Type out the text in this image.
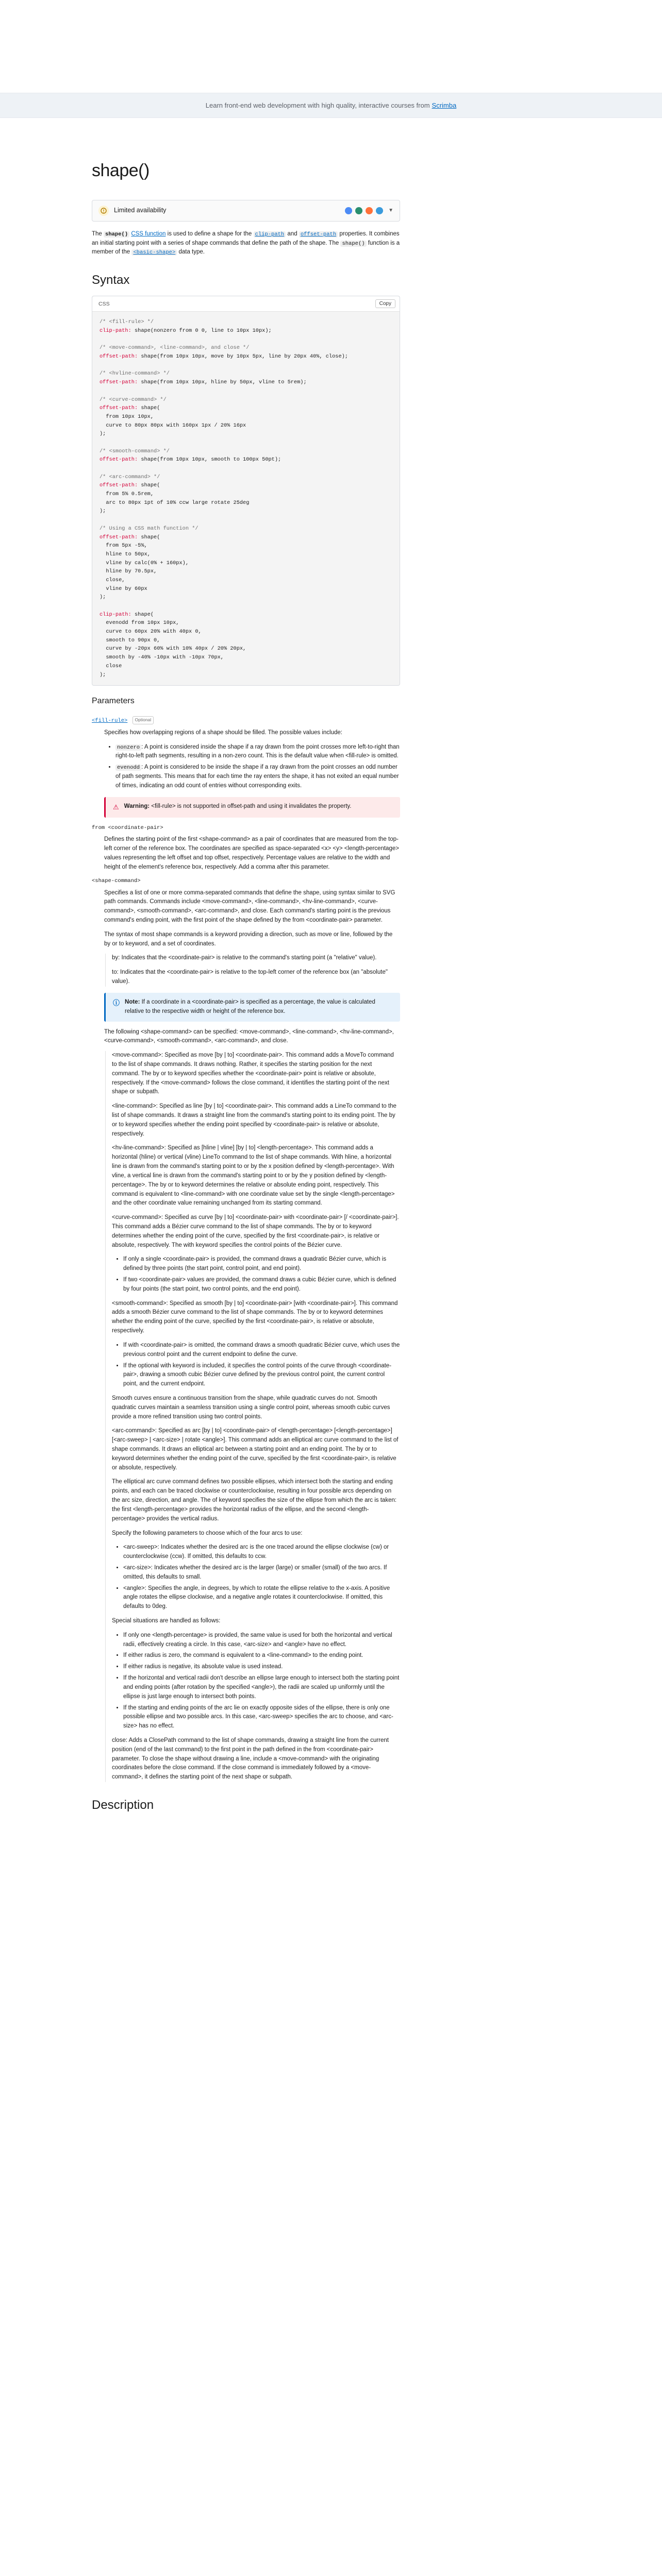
Learn front-end web development with high quality, interactive courses from Scrimba
shape()
Limited availability	▼

The shape() CSS function is used to define a shape for the clip-path and offset-path properties. It combines an initial starting point with a series of shape commands that define the path of the shape. The shape() function is a member of the <basic-shape> data type.

Syntax
CSS	Copy
/* <fill-rule> */
clip-path: shape(nonzero from 0 0, line to 10px 10px);
/* <move-command>, <line-command>, and close */
offset-path: shape(from 10px 10px, move by 10px 5px, line by 20px 40%, close);
/* <hvline-command> */
offset-path: shape(from 10px 10px, hline by 50px, vline to 5rem);
/* <curve-command> */
offset-path: shape(
from 10px 10px,
curve to 80px 80px with 160px 1px / 20% 16px
);
/* <smooth-command> */
offset-path: shape(from 10px 10px, smooth to 100px 50pt);
/* <arc-command> */
offset-path: shape(
from 5% 0.5rem,
arc to 80px 1pt of 10% ccw large rotate 25deg
);
/* Using a CSS math function */
offset-path: shape(
from 5px -5%,
hline to 50px,
vline by calc(0% + 160px),
hline by 70.5px,
close,
vline by 60px
);
clip-path: shape(
evenodd from 10px 10px,
curve to 60px 20% with 40px 0,
smooth to 90px 0,
curve by -20px 60% with 10% 40px / 20% 20px,
smooth by -40% -10px with -10px 70px,
close
);
Parameters
<fill-rule> Optional

Specifies how overlapping regions of a shape should be filled. The possible values include:

• nonzero : A point is considered inside the shape if a ray drawn from the point crosses more left-to-right than right-to-left path segments, resulting in a non-zero count. This is the default value when <fill-rule> is omitted.
• evenodd : A point is considered to be inside the shape if a ray drawn from the point crosses an odd number of path segments. This means that for each time the ray enters the shape, it has not exited an equal number of times, indicating an odd count of entries without corresponding exits.
⚠ Warning: <fill-rule> is not supported in offset-path and using it invalidates the property.
from <coordinate-pair>

Defines the starting point of the first <shape-command> as a pair of coordinates that are measured from the top-left corner of the reference box. The coordinates are specified as space-separated <x> <y> <length-percentage> values representing the left offset and top offset, respectively. Percentage values are relative to the width and height of the element's reference box, respectively. Add a comma after this parameter.

<shape-command>

Specifies a list of one or more comma-separated commands that define the shape, using syntax similar to SVG path commands. Commands include <move-command>, <line-command>, <hv-line-command>, <curve-command>, <smooth-command>, <arc-command>, and close. Each command's starting point is the previous command's ending point, with the first point of the shape defined by the from <coordinate-pair> parameter.

The syntax of most shape commands is a keyword providing a direction, such as move or line, followed by the by or to keyword, and a set of coordinates.

by: Indicates that the <coordinate-pair> is relative to the command's starting point (a "relative" value).

to: Indicates that the <coordinate-pair> is relative to the top-left corner of the reference box (an "absolute" value).

ⓘ Note: If a coordinate in a <coordinate-pair> is specified as a percentage, the value is calculated relative to the respective width or height of the reference box.

The following <shape-command> can be specified: <move-command>, <line-command>, <hv-line-command>, <curve-command>, <smooth-command>, <arc-command>, and close.

<move-command>: Specified as move [by | to] <coordinate-pair>. This command adds a MoveTo command to the list of shape commands. It draws nothing. Rather, it specifies the starting position for the next command. The by or to keyword specifies whether the <coordinate-pair> point is relative or absolute, respectively. If the <move-command> follows the close command, it identifies the starting point of the next shape or subpath.

<line-command>: Specified as line [by | to] <coordinate-pair>. This command adds a LineTo command to the list of shape commands. It draws a straight line from the command's starting point to its ending point. The by or to keyword specifies whether the ending point specified by <coordinate-pair> is relative or absolute, respectively.

<hv-line-command>: Specified as [hline | vline] [by | to] <length-percentage>. This command adds a horizontal (hline) or vertical (vline) LineTo command to the list of shape commands. With hline, a horizontal line is drawn from the command's starting point to or by the x position defined by <length-percentage>. With vline, a vertical line is drawn from the command's starting point to or by the y position defined by <length-percentage>. The by or to keyword determines the relative or absolute ending point, respectively. This command is equivalent to <line-command> with one coordinate value set by the single <length-percentage> and the other coordinate value remaining unchanged from its starting command.

<curve-command>: Specified as curve [by | to] <coordinate-pair> with <coordinate-pair> [/ <coordinate-pair>]. This command adds a Bézier curve command to the list of shape commands. The by or to keyword determines whether the ending point of the curve, specified by the first <coordinate-pair>, is relative or absolute, respectively. The with keyword specifies the control points of the Bézier curve.

• If only a single <coordinate-pair> is provided, the command draws a quadratic Bézier curve, which is defined by three points (the start point, control point, and end point).
• If two <coordinate-pair> values are provided, the command draws a cubic Bézier curve, which is defined by four points (the start point, two control points, and the end point).

<smooth-command>: Specified as smooth [by | to] <coordinate-pair> [with <coordinate-pair>]. This command adds a smooth Bézier curve command to the list of shape commands. The by or to keyword determines whether the ending point of the curve, specified by the first <coordinate-pair>, is relative or absolute, respectively.

• If with <coordinate-pair> is omitted, the command draws a smooth quadratic Bézier curve, which uses the previous control point and the current endpoint to define the curve.
• If the optional with keyword is included, it specifies the control points of the curve through <coordinate-pair>, drawing a smooth cubic Bézier curve defined by the previous control point, the current control point, and the current endpoint.

Smooth curves ensure a continuous transition from the shape, while quadratic curves do not. Smooth quadratic curves maintain a seamless transition using a single control point, whereas smooth cubic curves provide a more refined transition using two control points.

<arc-command>: Specified as arc [by | to] <coordinate-pair> of <length-percentage> [<length-percentage>] [<arc-sweep> | <arc-size> | rotate <angle>]. This command adds an elliptical arc curve command to the list of shape commands. It draws an elliptical arc between a starting point and an ending point. The by or to keyword determines whether the ending point of the curve, specified by the first <coordinate-pair>, is relative or absolute, respectively.

The elliptical arc curve command defines two possible ellipses, which intersect both the starting and ending points, and each can be traced clockwise or counterclockwise, resulting in four possible arcs depending on the arc size, direction, and angle. The of keyword specifies the size of the ellipse from which the arc is taken: the first <length-percentage> provides the horizontal radius of the ellipse, and the second <length-percentage> provides the vertical radius.

Specify the following parameters to choose which of the four arcs to use:

• <arc-sweep>: Indicates whether the desired arc is the one traced around the ellipse clockwise (cw) or counterclockwise (ccw). If omitted, this defaults to ccw.
• <arc-size>: Indicates whether the desired arc is the larger (large) or smaller (small) of the two arcs. If omitted, this defaults to small.
• <angle>: Specifies the angle, in degrees, by which to rotate the ellipse relative to the x-axis. A positive angle rotates the ellipse clockwise, and a negative angle rotates it counterclockwise. If omitted, this defaults to 0deg.

Special situations are handled as follows:

• If only one <length-percentage> is provided, the same value is used for both the horizontal and vertical radii, effectively creating a circle. In this case, <arc-size> and <angle> have no effect.
• If either radius is zero, the command is equivalent to a <line-command> to the ending point.
• If either radius is negative, its absolute value is used instead.
• If the horizontal and vertical radii don't describe an ellipse large enough to intersect both the starting point and ending points (after rotation by the specified <angle>), the radii are scaled up uniformly until the ellipse is just large enough to intersect both points.
• If the starting and ending points of the arc lie on exactly opposite sides of the ellipse, there is only one possible ellipse and two possible arcs. In this case, <arc-sweep> specifies the arc to choose, and <arc-size> has no effect.

close: Adds a ClosePath command to the list of shape commands, drawing a straight line from the current position (end of the last command) to the first point in the path defined in the from <coordinate-pair> parameter. To close the shape without drawing a line, include a <move-command> with the originating coordinates before the close command. If the close command is immediately followed by a <move-command>, it defines the starting point of the next shape or subpath.

Description
